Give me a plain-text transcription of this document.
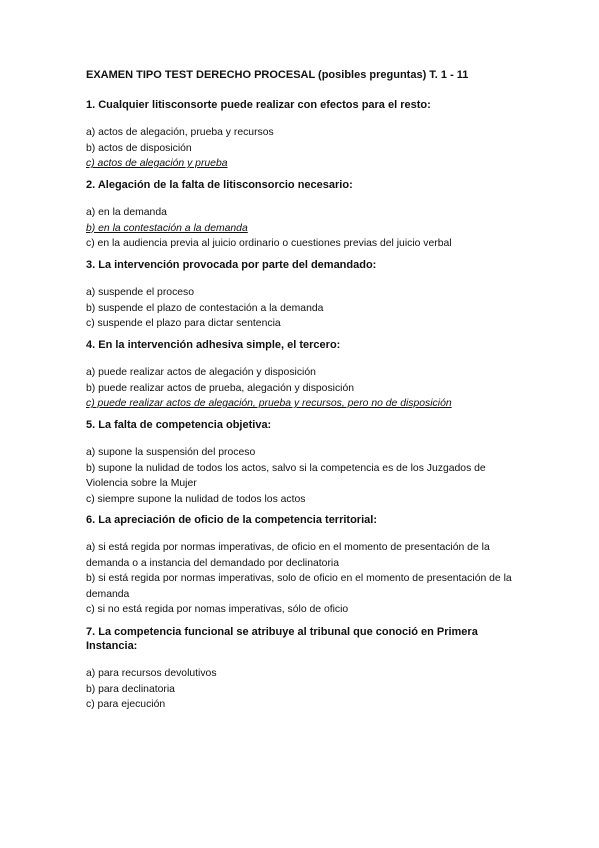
EXAMEN TIPO TEST DERECHO PROCESAL (posibles preguntas) T. 1 - 11

1. Cualquier litisconsorte puede realizar con efectos para el resto:

a) actos de alegación, prueba y recursos

b) actos de disposición

c) actos de alegación y prueba

2. Alegación de la falta de litisconsorcio necesario:

a) en la demanda

b) en la contestación a la demanda

c) en la audiencia previa al juicio ordinario o cuestiones previas del juicio verbal

3. La intervención provocada por parte del demandado:

a) suspende el proceso

b) suspende el plazo de contestación a la demanda

c) suspende el plazo para dictar sentencia

4. En la intervención adhesiva simple, el tercero:

a) puede realizar actos de alegación y disposición

b) puede realizar actos de prueba, alegación y disposición

c) puede realizar actos de alegación, prueba y recursos, pero no de disposición

5. La falta de competencia objetiva:

a) supone la suspensión del proceso

b) supone la nulidad de todos los actos, salvo si la competencia es de los Juzgados de Violencia sobre la Mujer

c) siempre supone la nulidad de todos los actos

6. La apreciación de oficio de la competencia territorial:

a) si está regida por normas imperativas, de oficio en el momento de presentación de la demanda o a instancia del demandado por declinatoria

b) si está regida por normas imperativas, solo de oficio en el momento de presentación de la demanda

c) si no está regida por nomas imperativas, sólo de oficio

7. La competencia funcional se atribuye al tribunal que conoció en Primera Instancia:

a) para recursos devolutivos

b) para declinatoria

c) para ejecución
